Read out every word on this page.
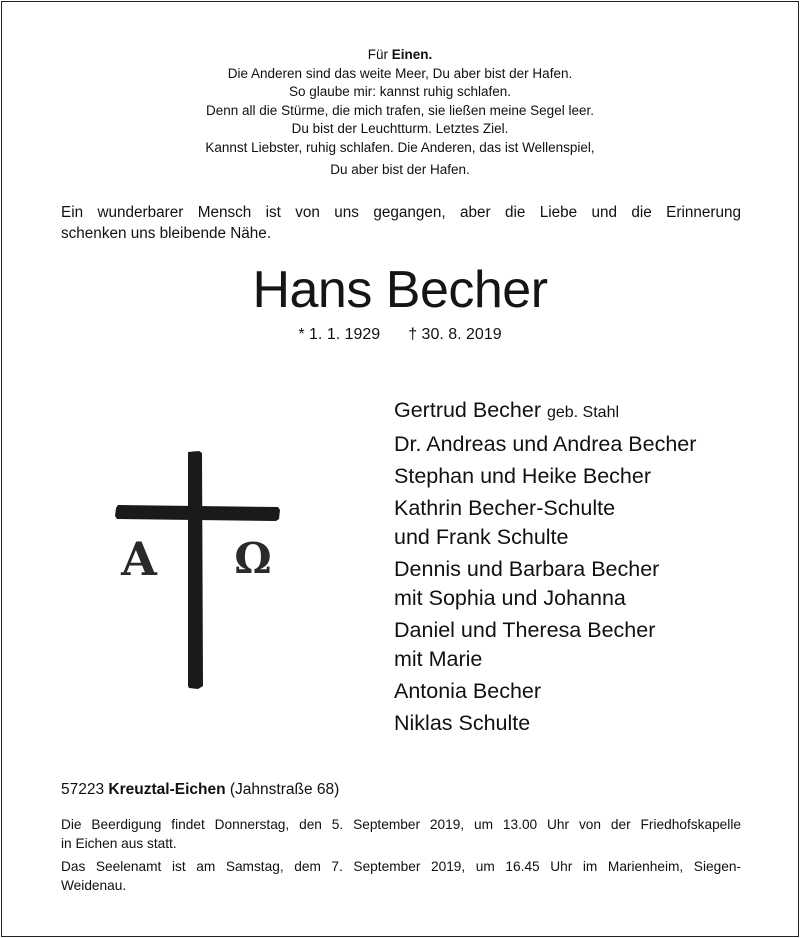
Für Einen.
Die Anderen sind das weite Meer, Du aber bist der Hafen.
So glaube mir: kannst ruhig schlafen.
Denn all die Stürme, die mich trafen, sie ließen meine Segel leer.
Du bist der Leuchtturm. Letztes Ziel.
Kannst Liebster, ruhig schlafen. Die Anderen, das ist Wellenspiel,
Du aber bist der Hafen.
Ein wunderbarer Mensch ist von uns gegangen, aber die Liebe und die Erinnerung
schenken uns bleibende Nähe.
Hans Becher
* 1. 1. 1929 † 30. 8. 2019
A Ω
Gertrud Becher geb. Stahl
Dr. Andreas und Andrea Becher
Stephan und Heike Becher
Kathrin Becher-Schulte
und Frank Schulte
Dennis und Barbara Becher
mit Sophia und Johanna
Daniel und Theresa Becher
mit Marie
Antonia Becher
Niklas Schulte
57223 Kreuztal-Eichen (Jahnstraße 68)
Die Beerdigung findet Donnerstag, den 5. September 2019, um 13.00 Uhr von der Friedhofskapelle
in Eichen aus statt.
Das Seelenamt ist am Samstag, dem 7. September 2019, um 16.45 Uhr im Marienheim, Siegen-
Weidenau.
